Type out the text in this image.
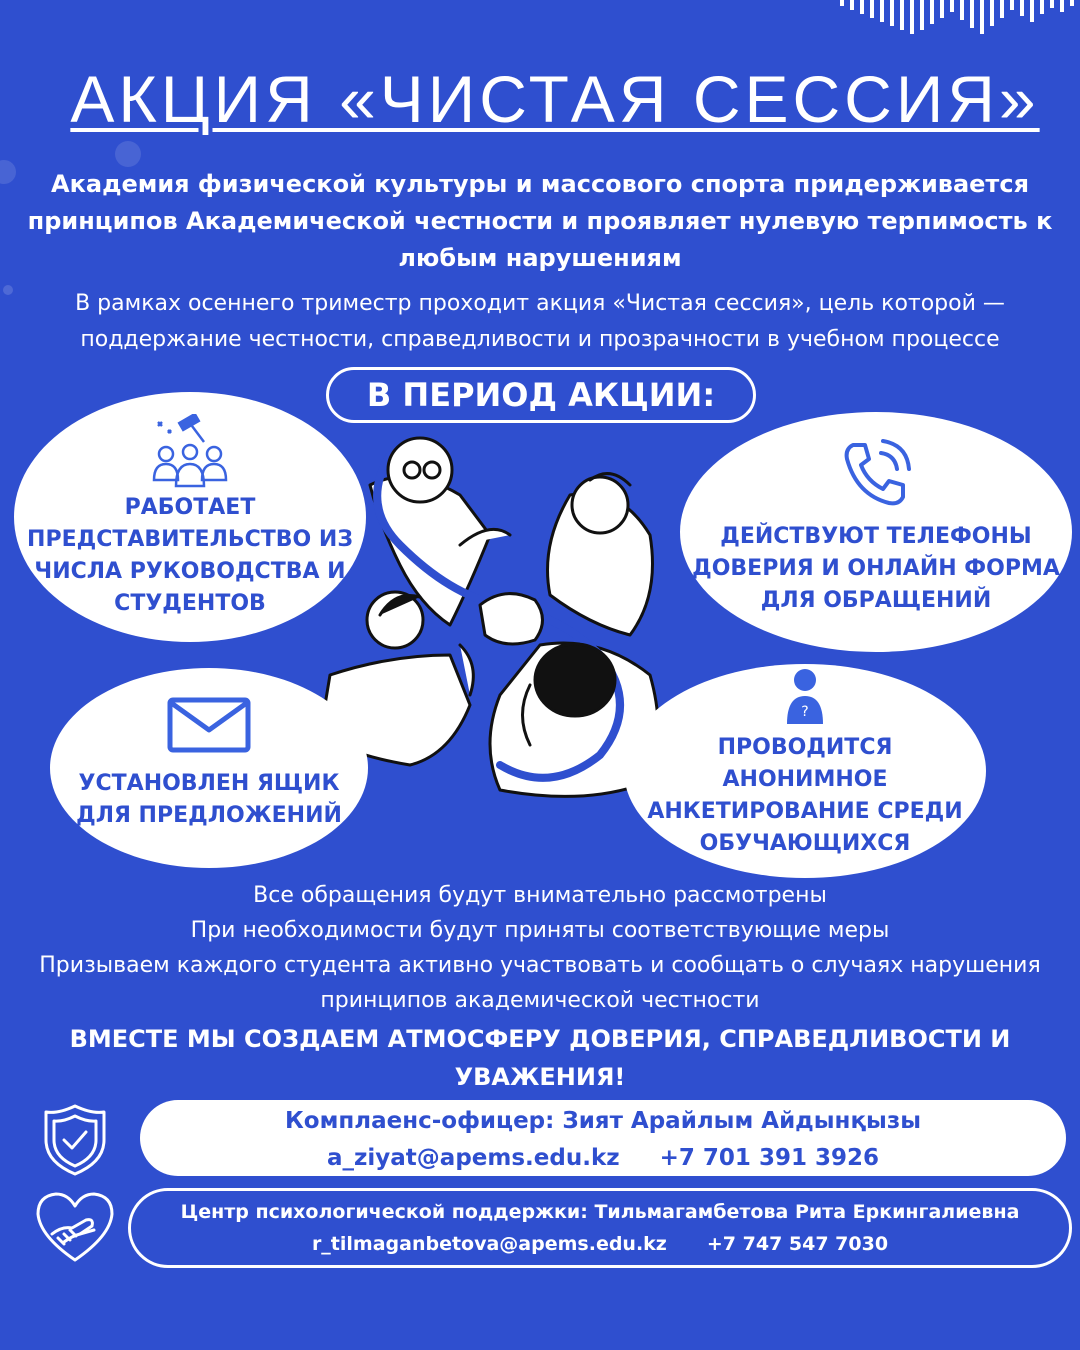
АКЦИЯ «ЧИСТАЯ СЕССИЯ»

Академия физической культуры и массового спорта придерживается принципов Академической честности и проявляет нулевую терпимость к любым нарушениям

В рамках осеннего триместр проходит акция «Чистая сессия», цель которой — поддержание честности, справедливости и прозрачности в учебном процессе

В ПЕРИОД АКЦИИ:
РАБОТАЕТ ПРЕДСТАВИТЕЛЬСТВО ИЗ ЧИСЛА РУКОВОДСТВА И СТУДЕНТОВ
ДЕЙСТВУЮТ ТЕЛЕФОНЫ ДОВЕРИЯ И ОНЛАЙН ФОРМА ДЛЯ ОБРАЩЕНИЙ
УСТАНОВЛЕН ЯЩИК ДЛЯ ПРЕДЛОЖЕНИЙ
?
ПРОВОДИТСЯ АНОНИМНОЕ АНКЕТИРОВАНИЕ СРЕДИ ОБУЧАЮЩИХСЯ
Все обращения будут внимательно рассмотрены
При необходимости будут приняты соответствующие меры
Призываем каждого студента активно участвовать и сообщать о случаях нарушения
принципов академической честности

ВМЕСТЕ МЫ СОЗДАЕМ АТМОСФЕРУ ДОВЕРИЯ, СПРАВЕДЛИВОСТИ И УВАЖЕНИЯ!

Комплаенс-офицер: Зият Арайлым Айдынқызы
a_ziyat@apems.edu.kz +7 701 391 3926
Центр психологической поддержки: Тильмагамбетова Рита Еркингалиевна
r_tilmaganbetova@apems.edu.kz +7 747 547 7030
